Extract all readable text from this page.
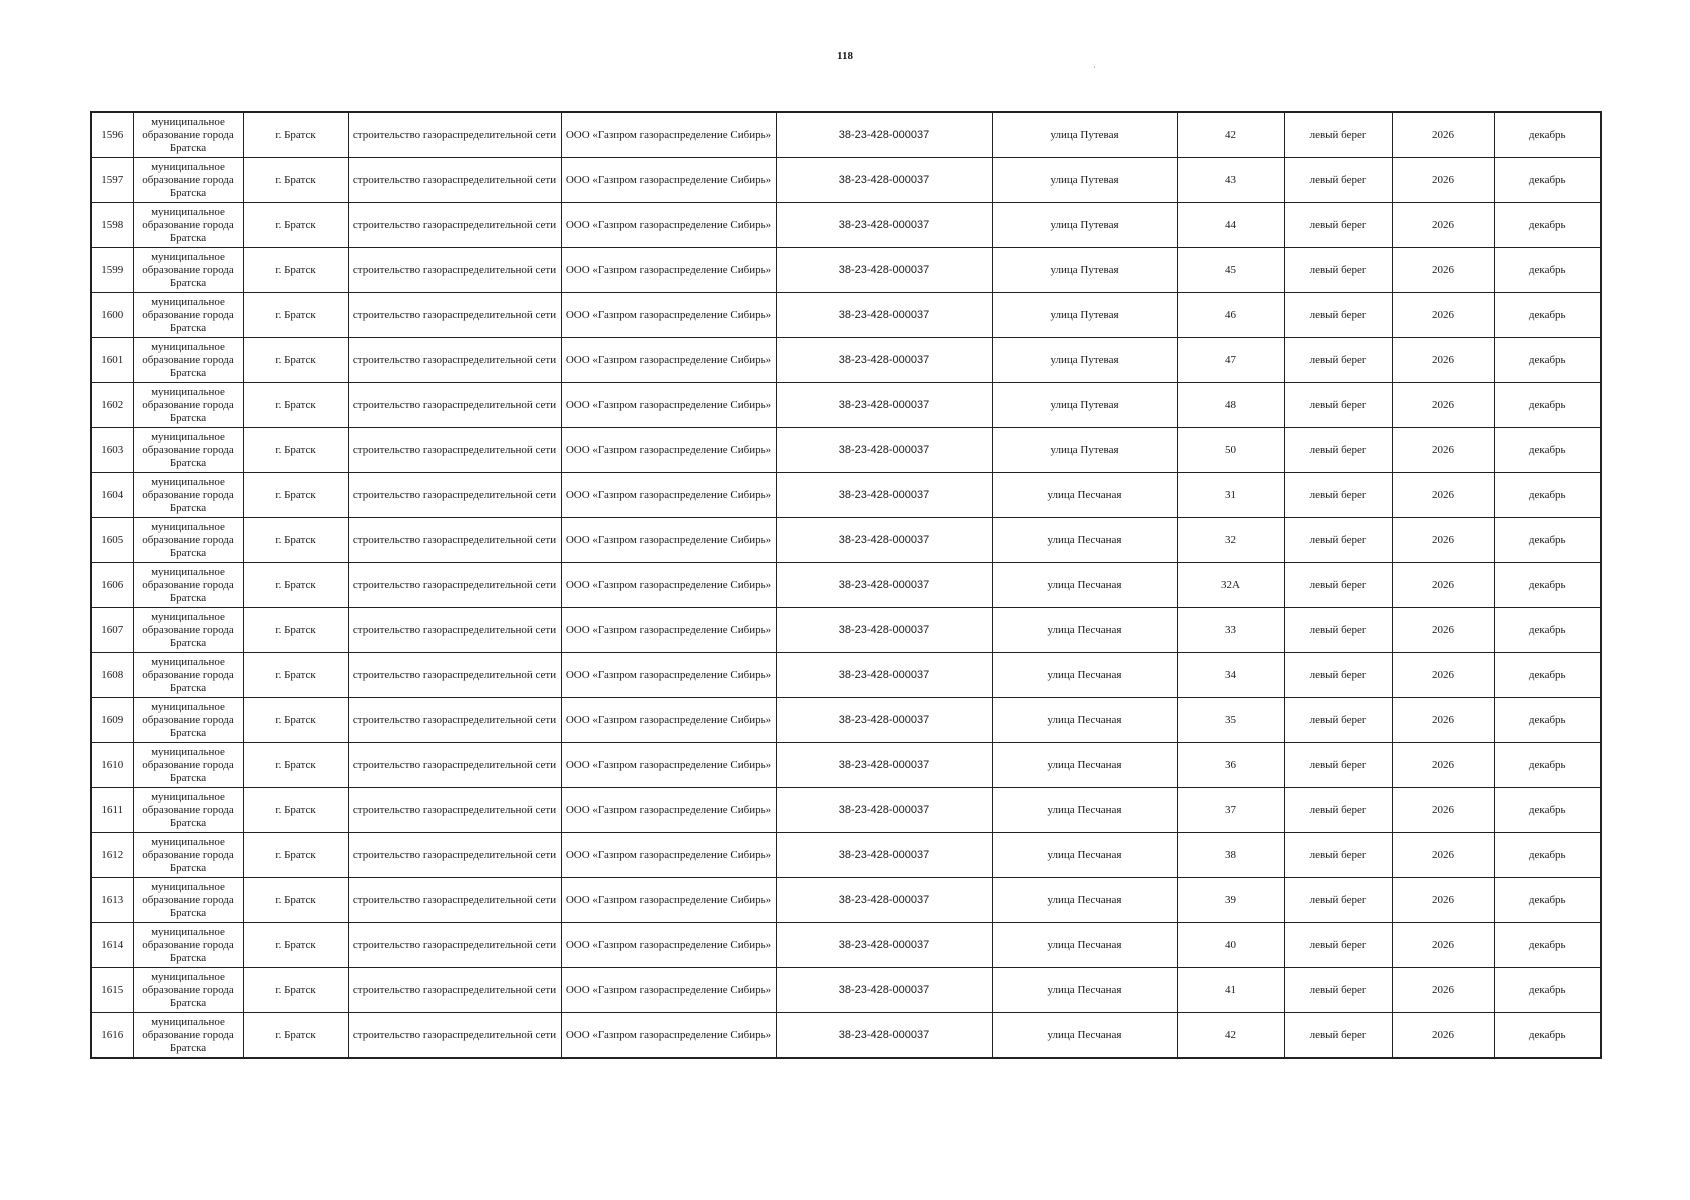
118
·
1596	муниципальное образование города Братска	г. Братск	строительство газораспределительной сети	ООО «Газпром газораспределение Сибирь»	38-23-428-000037	улица Путевая	42	левый берег	2026	декабрь
1597	муниципальное образование города Братска	г. Братск	строительство газораспределительной сети	ООО «Газпром газораспределение Сибирь»	38-23-428-000037	улица Путевая	43	левый берег	2026	декабрь
1598	муниципальное образование города Братска	г. Братск	строительство газораспределительной сети	ООО «Газпром газораспределение Сибирь»	38-23-428-000037	улица Путевая	44	левый берег	2026	декабрь
1599	муниципальное образование города Братска	г. Братск	строительство газораспределительной сети	ООО «Газпром газораспределение Сибирь»	38-23-428-000037	улица Путевая	45	левый берег	2026	декабрь
1600	муниципальное образование города Братска	г. Братск	строительство газораспределительной сети	ООО «Газпром газораспределение Сибирь»	38-23-428-000037	улица Путевая	46	левый берег	2026	декабрь
1601	муниципальное образование города Братска	г. Братск	строительство газораспределительной сети	ООО «Газпром газораспределение Сибирь»	38-23-428-000037	улица Путевая	47	левый берег	2026	декабрь
1602	муниципальное образование города Братска	г. Братск	строительство газораспределительной сети	ООО «Газпром газораспределение Сибирь»	38-23-428-000037	улица Путевая	48	левый берег	2026	декабрь
1603	муниципальное образование города Братска	г. Братск	строительство газораспределительной сети	ООО «Газпром газораспределение Сибирь»	38-23-428-000037	улица Путевая	50	левый берег	2026	декабрь
1604	муниципальное образование города Братска	г. Братск	строительство газораспределительной сети	ООО «Газпром газораспределение Сибирь»	38-23-428-000037	улица Песчаная	31	левый берег	2026	декабрь
1605	муниципальное образование города Братска	г. Братск	строительство газораспределительной сети	ООО «Газпром газораспределение Сибирь»	38-23-428-000037	улица Песчаная	32	левый берег	2026	декабрь
1606	муниципальное образование города Братска	г. Братск	строительство газораспределительной сети	ООО «Газпром газораспределение Сибирь»	38-23-428-000037	улица Песчаная	32А	левый берег	2026	декабрь
1607	муниципальное образование города Братска	г. Братск	строительство газораспределительной сети	ООО «Газпром газораспределение Сибирь»	38-23-428-000037	улица Песчаная	33	левый берег	2026	декабрь
1608	муниципальное образование города Братска	г. Братск	строительство газораспределительной сети	ООО «Газпром газораспределение Сибирь»	38-23-428-000037	улица Песчаная	34	левый берег	2026	декабрь
1609	муниципальное образование города Братска	г. Братск	строительство газораспределительной сети	ООО «Газпром газораспределение Сибирь»	38-23-428-000037	улица Песчаная	35	левый берег	2026	декабрь
1610	муниципальное образование города Братска	г. Братск	строительство газораспределительной сети	ООО «Газпром газораспределение Сибирь»	38-23-428-000037	улица Песчаная	36	левый берег	2026	декабрь
1611	муниципальное образование города Братска	г. Братск	строительство газораспределительной сети	ООО «Газпром газораспределение Сибирь»	38-23-428-000037	улица Песчаная	37	левый берег	2026	декабрь
1612	муниципальное образование города Братска	г. Братск	строительство газораспределительной сети	ООО «Газпром газораспределение Сибирь»	38-23-428-000037	улица Песчаная	38	левый берег	2026	декабрь
1613	муниципальное образование города Братска	г. Братск	строительство газораспределительной сети	ООО «Газпром газораспределение Сибирь»	38-23-428-000037	улица Песчаная	39	левый берег	2026	декабрь
1614	муниципальное образование города Братска	г. Братск	строительство газораспределительной сети	ООО «Газпром газораспределение Сибирь»	38-23-428-000037	улица Песчаная	40	левый берег	2026	декабрь
1615	муниципальное образование города Братска	г. Братск	строительство газораспределительной сети	ООО «Газпром газораспределение Сибирь»	38-23-428-000037	улица Песчаная	41	левый берег	2026	декабрь
1616	муниципальное образование города Братска	г. Братск	строительство газораспределительной сети	ООО «Газпром газораспределение Сибирь»	38-23-428-000037	улица Песчаная	42	левый берег	2026	декабрь
